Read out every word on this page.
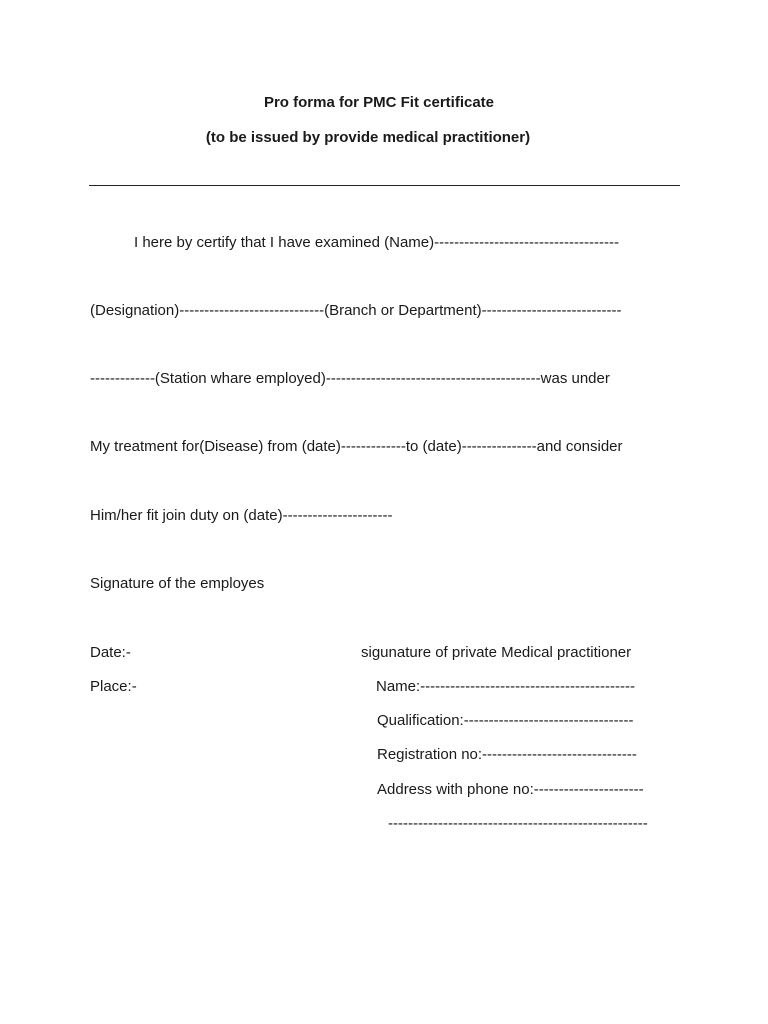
Pro forma for PMC Fit certificate
(to be issued by provide medical practitioner)
I here by certify that I have examined (Name)-------------------------------------
(Designation)-----------------------------(Branch or Department)----------------------------
-------------(Station whare employed)-------------------------------------------was under
My treatment for(Disease) from (date)-------------to (date)---------------and consider
Him/her fit join duty on (date)----------------------
Signature of the employes
Date:-
Place:-
sigunature of private Medical practitioner
Name:-------------------------------------------
Qualification:----------------------------------
Registration no:-------------------------------
Address with phone no:----------------------
----------------------------------------------------
